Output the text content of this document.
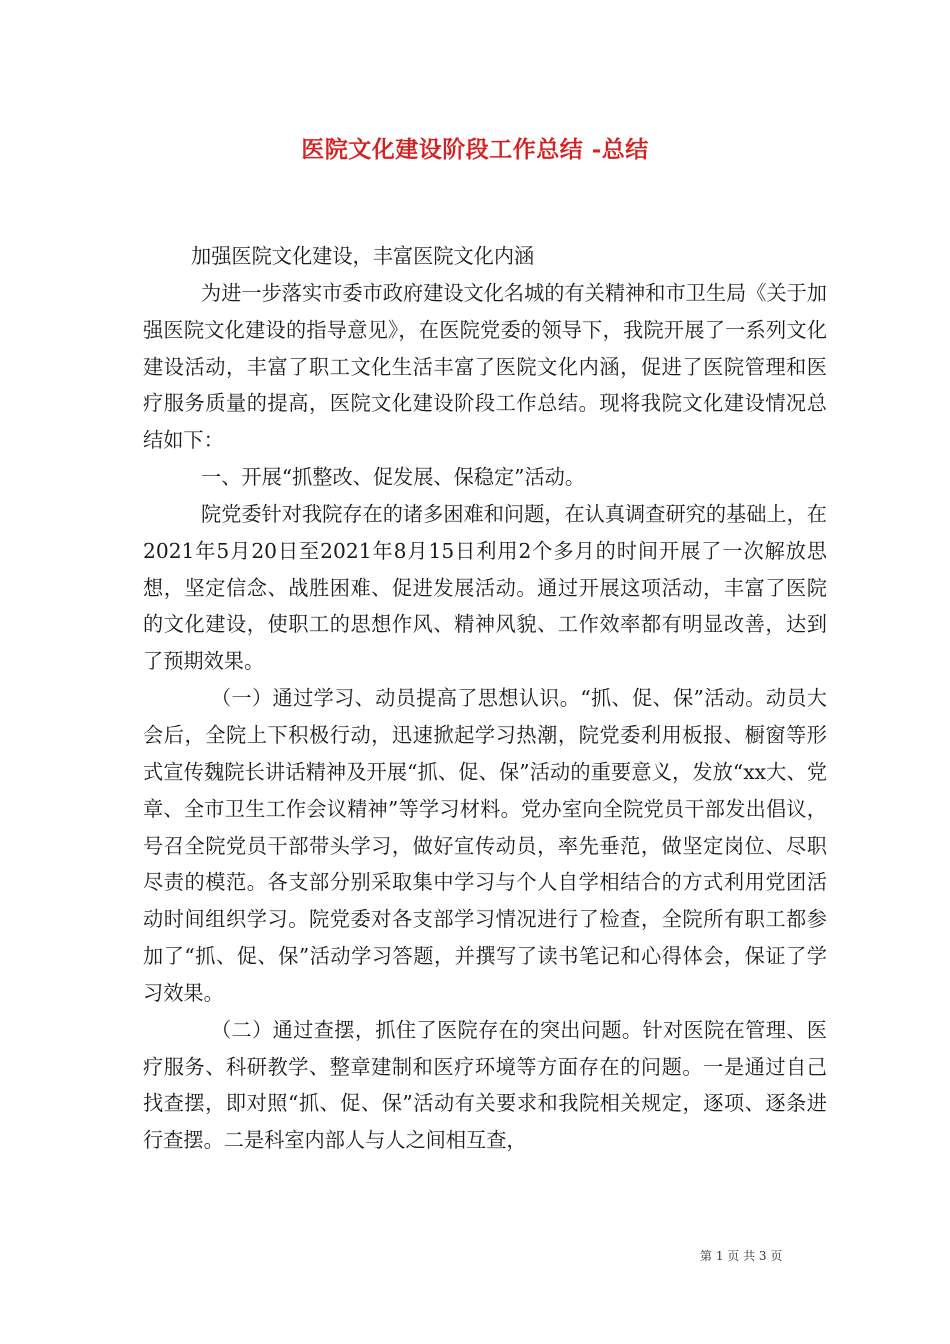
医院文化建设阶段工作总结 -总结

加强医院文化建设，丰富医院文化内涵

为进一步落实市委市政府建设文化名城的有关精神和市卫生局《关于加强医院文化建设的指导意见》，在医院党委的领导下，我院开展了一系列文化建设活动，丰富了职工文化生活丰富了医院文化内涵，促进了医院管理和医疗服务质量的提高，医院文化建设阶段工作总结。现将我院文化建设情况总结如下：

一、开展“抓整改、促发展、保稳定”活动。

院党委针对我院存在的诸多困难和问题，在认真调查研究的基础上，在2021年5月20日至2021年8月15日利用2个多月的时间开展了一次解放思想，坚定信念、战胜困难、促进发展活动。通过开展这项活动，丰富了医院的文化建设，使职工的思想作风、精神风貌、工作效率都有明显改善，达到了预期效果。

（一）通过学习、动员提高了思想认识。“抓、促、保”活动。动员大会后，全院上下积极行动，迅速掀起学习热潮，院党委利用板报、橱窗等形式宣传魏院长讲话精神及开展“抓、促、保”活动的重要意义，发放“xx大、党章、全市卫生工作会议精神”等学习材料。党办室向全院党员干部发出倡议，号召全院党员干部带头学习，做好宣传动员，率先垂范，做坚定岗位、尽职尽责的模范。各支部分别采取集中学习与个人自学相结合的方式利用党团活动时间组织学习。院党委对各支部学习情况进行了检查，全院所有职工都参加了“抓、促、保”活动学习答题，并撰写了读书笔记和心得体会，保证了学习效果。

（二）通过查摆，抓住了医院存在的突出问题。针对医院在管理、医疗服务、科研教学、整章建制和医疗环境等方面存在的问题。一是通过自己找查摆，即对照“抓、促、保”活动有关要求和我院相关规定，逐项、逐条进行查摆。二是科室内部人与人之间相互查，

第 1 页 共 3 页
